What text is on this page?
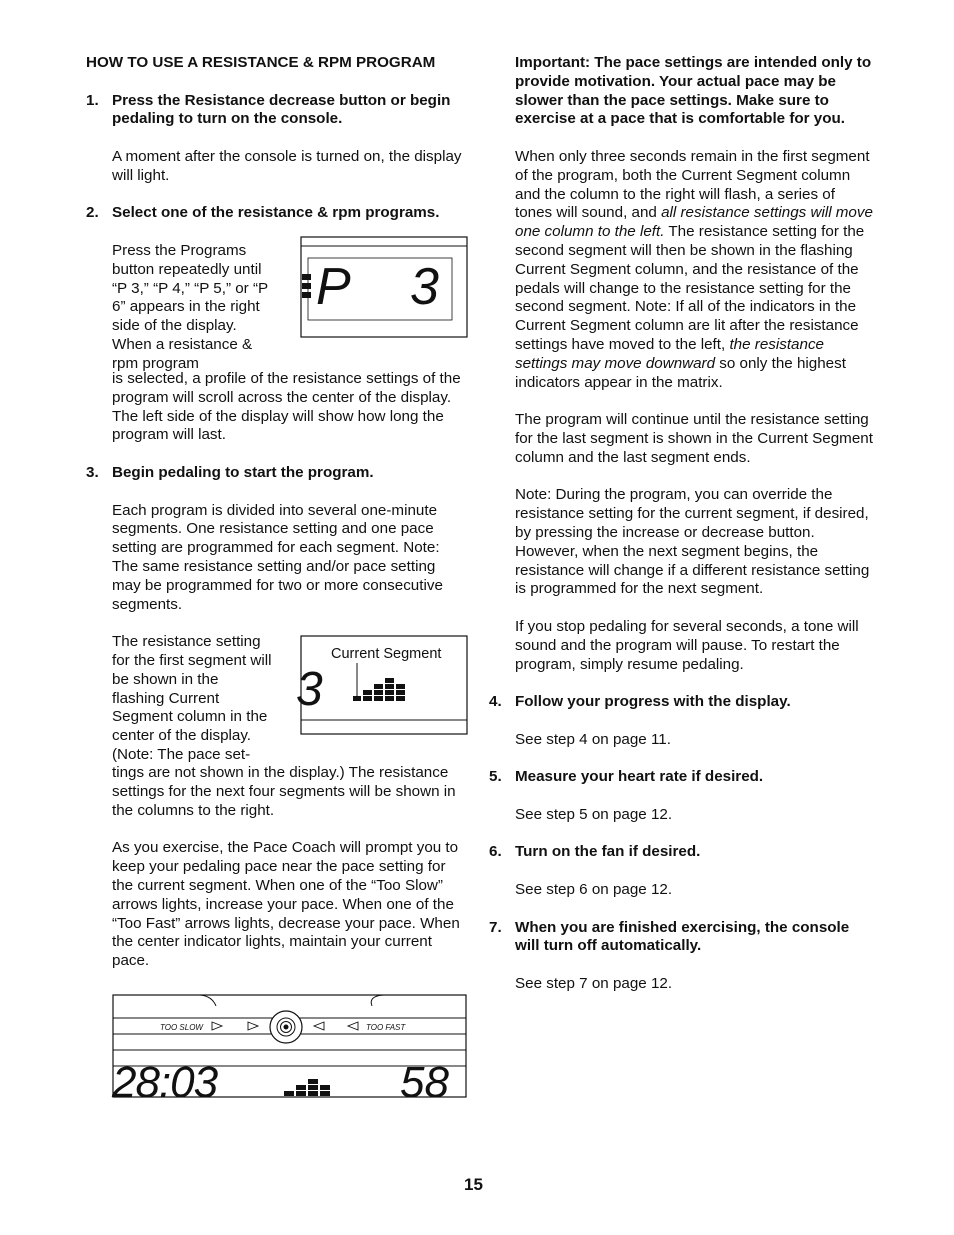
HOW TO USE A RESISTANCE & RPM PROGRAM

1. Press the Resistance decrease button or begin pedaling to turn on the console.

A moment after the console is turned on, the display will light.

2. Select one of the resistance & rpm programs.
P 3

Press the Programs button repeatedly until “P 3,” “P 4,” “P 5,” or “P 6” appears in the right side of the display. When a resistance & rpm program

is selected, a profile of the resistance settings of the program will scroll across the center of the display. The left side of the display will show how long the program will last.

3. Begin pedaling to start the program.

Each program is divided into several one-minute segments. One resistance setting and one pace setting are programmed for each segment. Note: The same resistance setting and/or pace setting may be programmed for two or more consecutive segments.

Current Segment
3

The resistance setting for the first segment will be shown in the flashing Current Segment column in the center of the display. (Note: The pace set-

tings are not shown in the display.) The resistance settings for the next four segments will be shown in the columns to the right.

As you exercise, the Pace Coach will prompt you to keep your pedaling pace near the pace setting for the current segment. When one of the “Too Slow” arrows lights, increase your pace. When one of the “Too Fast” arrows lights, decrease your pace. When the center indicator lights, maintain your current pace.

TOO SLOW	TOO FAST
28:03	58

Important: The pace settings are intended only to provide motivation. Your actual pace may be slower than the pace settings. Make sure to exercise at a pace that is comfortable for you.

When only three seconds remain in the first segment of the program, both the Current Segment column and the column to the right will flash, a series of tones will sound, and all resistance settings will move one column to the left. The resistance setting for the second segment will then be shown in the flashing Current Segment column, and the resistance of the pedals will change to the resistance setting for the second segment. Note: If all of the indicators in the Current Segment column are lit after the resistance settings have moved to the left, the resistance settings may move downward so only the highest indicators appear in the matrix.

The program will continue until the resistance setting for the last segment is shown in the Current Segment column and the last segment ends.

Note: During the program, you can override the resistance setting for the current segment, if desired, by pressing the increase or decrease button. However, when the next segment begins, the resistance will change if a different resistance setting is programmed for the next segment.

If you stop pedaling for several seconds, a tone will sound and the program will pause. To restart the program, simply resume pedaling.

4. Follow your progress with the display.

See step 4 on page 11.

5. Measure your heart rate if desired.

See step 5 on page 12.

6. Turn on the fan if desired.

See step 6 on page 12.

7. When you are finished exercising, the console will turn off automatically.

See step 7 on page 12.

15
